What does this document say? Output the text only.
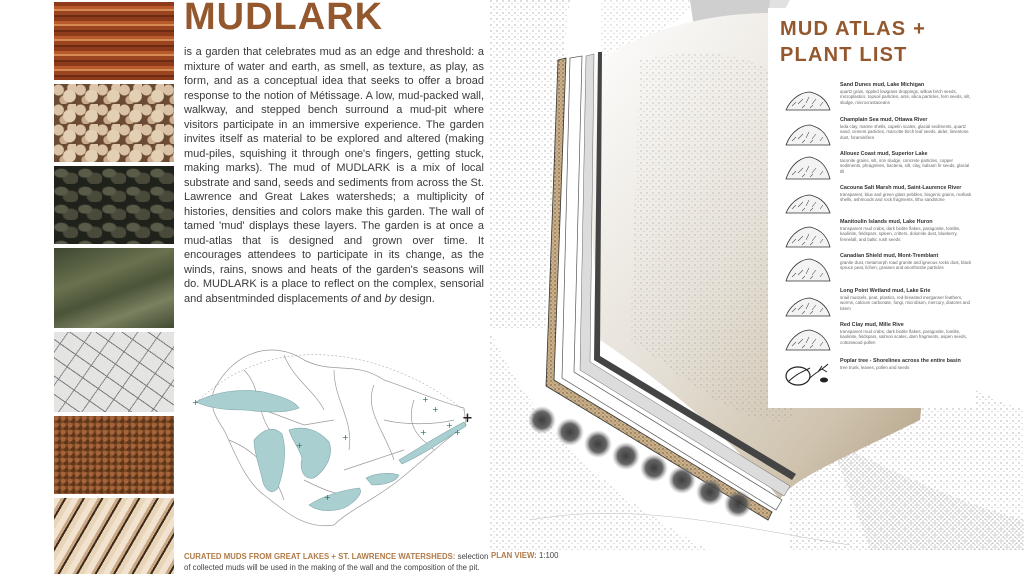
MUDLARK
is a garden that celebrates mud as an edge and threshold: a mixture of water and earth, as smell, as texture, as play, as form, and as a conceptual idea that seeks to offer a broad response to the notion of Métissage. A low, mud-packed wall, walkway, and stepped bench surround a mud-pit where visitors participate in an immersive experience. The garden invites itself as material to be explored and altered (making mud-piles, squishing it through one's fingers, getting stuck, making marks). The mud of MUDLARK is a mix of local substrate and sand, seeds and sediments from across the St. Lawrence and Great Lakes watersheds; a multiplicity of histories, densities and colors make this garden. The wall of tamed 'mud' displays these layers. The garden is at once a mud-atlas that is designed and grown over time. It encourages attendees to participate in its change, as the winds, rains, snows and heats of the garden's seasons will do. MUDLARK is a place to reflect on the complex, sensorial and absentminded displacements of and by design.
+
+
+
+
+
+
+
+
+
+
CURATED MUDS FROM GREAT LAKES + ST. LAWRENCE WATERSHEDS: selection of collected muds will be used in the making of the wall and the composition of the pit.
PLAN VIEW: 1:100
MUD ATLAS + PLANT LIST
Sand Dunes mud, Lake Michigan
quartz grain, rippled lowgrass droppings, willow birch seeds, microplastics, topsoil particles, ants, silica particles, fern seeds, silt, sludge, microcrustaceans
Champlain Sea mud, Ottawa River
leda clay, marine shells, capelin scales, glacial sediments, quartz sand, cement particles, marcotte birch leaf seeds, alder, limestone dust, foraminifera
Allouez Coast mud, Superior Lake
taconite grains, silt, iron sludge, concrete particles, copper sediments, phragmites, bacteria, silt, clay, balsam fir seeds, glacial till
Cacouna Salt Marsh mud, Saint-Laurence River
transparent, blue and green glass pebbles, biogenic grains, mollusk shells, ashmoods and rock fragments, litho sandstone
Manitoulin Islands mud, Lake Huron
transparent mud crabs, dark biotite flakes, paragonite, lorelite, kaolinite, feldspars, spleen, critters, dolomite dust, blueberry, fennelall, and baltic rush seeds
Canadian Shield mud, Mont-Tremblant
granite dust, metamorph road granite and igneous rocks dust, black spruce peat, lichen, grasses and anorthosite particles
Long Point Wetland mud, Lake Erie
snail mussels, peat, plastics, red-breasted merganser feathers, worms, calcium carbonate, fungi, microbium, mercury, diatoms and lotem
Red Clay mud, Mille Rive
transparent mud crabs, dark biotite flakes, paragonite, lorelite, kaolinite, feldspars, salmon scales, dam fragments, aspen seeds, cottonwood pollen
Poplar tree - Shorelines across the entire basin
tree trunk, leaves, pollen and seeds
